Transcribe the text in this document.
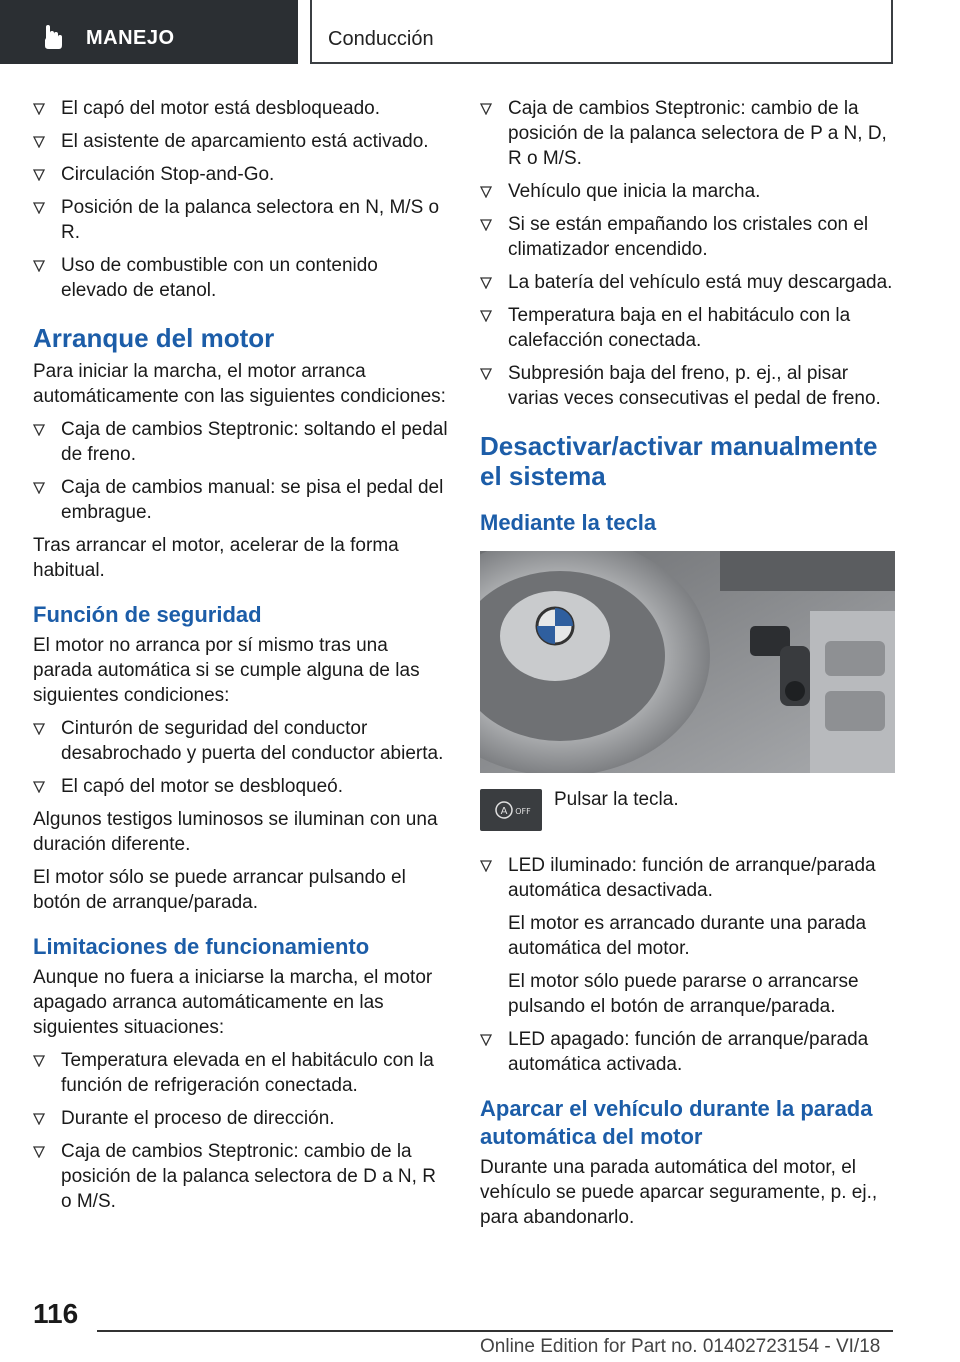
MANEJO	Conducción
El capó del motor está desbloqueado.
El asistente de aparcamiento está activado.
Circulación Stop-and-Go.
Posición de la palanca selectora en N, M/S o R.
Uso de combustible con un contenido elevado de etanol.
Arranque del motor
Para iniciar la marcha, el motor arranca automáticamente con las siguientes condiciones:
Caja de cambios Steptronic: soltando el pedal de freno.
Caja de cambios manual: se pisa el pedal del embrague.
Tras arrancar el motor, acelerar de la forma habitual.
Función de seguridad
El motor no arranca por sí mismo tras una parada automática si se cumple alguna de las siguientes condiciones:
Cinturón de seguridad del conductor desabrochado y puerta del conductor abierta.
El capó del motor se desbloqueó.
Algunos testigos luminosos se iluminan con una duración diferente.
El motor sólo se puede arrancar pulsando el botón de arranque/parada.
Limitaciones de funcionamiento
Aunque no fuera a iniciarse la marcha, el motor apagado arranca automáticamente en las siguientes situaciones:
Temperatura elevada en el habitáculo con la función de refrigeración conectada.
Durante el proceso de dirección.
Caja de cambios Steptronic: cambio de la posición de la palanca selectora de D a N, R o M/S.
Caja de cambios Steptronic: cambio de la posición de la palanca selectora de P a N, D, R o M/S.
Vehículo que inicia la marcha.
Si se están empañando los cristales con el climatizador encendido.
La batería del vehículo está muy descargada.
Temperatura baja en el habitáculo con la calefacción conectada.
Subpresión baja del freno, p. ej., al pisar varias veces consecutivas el pedal de freno.
Desactivar/activar manualmente el sistema
Mediante la tecla
A OFF
Pulsar la tecla.
LED iluminado: función de arranque/parada automática desactivada.
El motor es arrancado durante una parada automática del motor.
El motor sólo puede pararse o arrancarse pulsando el botón de arranque/parada.
LED apagado: función de arranque/parada automática activada.
Aparcar el vehículo durante la parada automática del motor
Durante una parada automática del motor, el vehículo se puede aparcar seguramente, p. ej., para abandonarlo.
116
Online Edition for Part no. 01402723154 - VI/18
